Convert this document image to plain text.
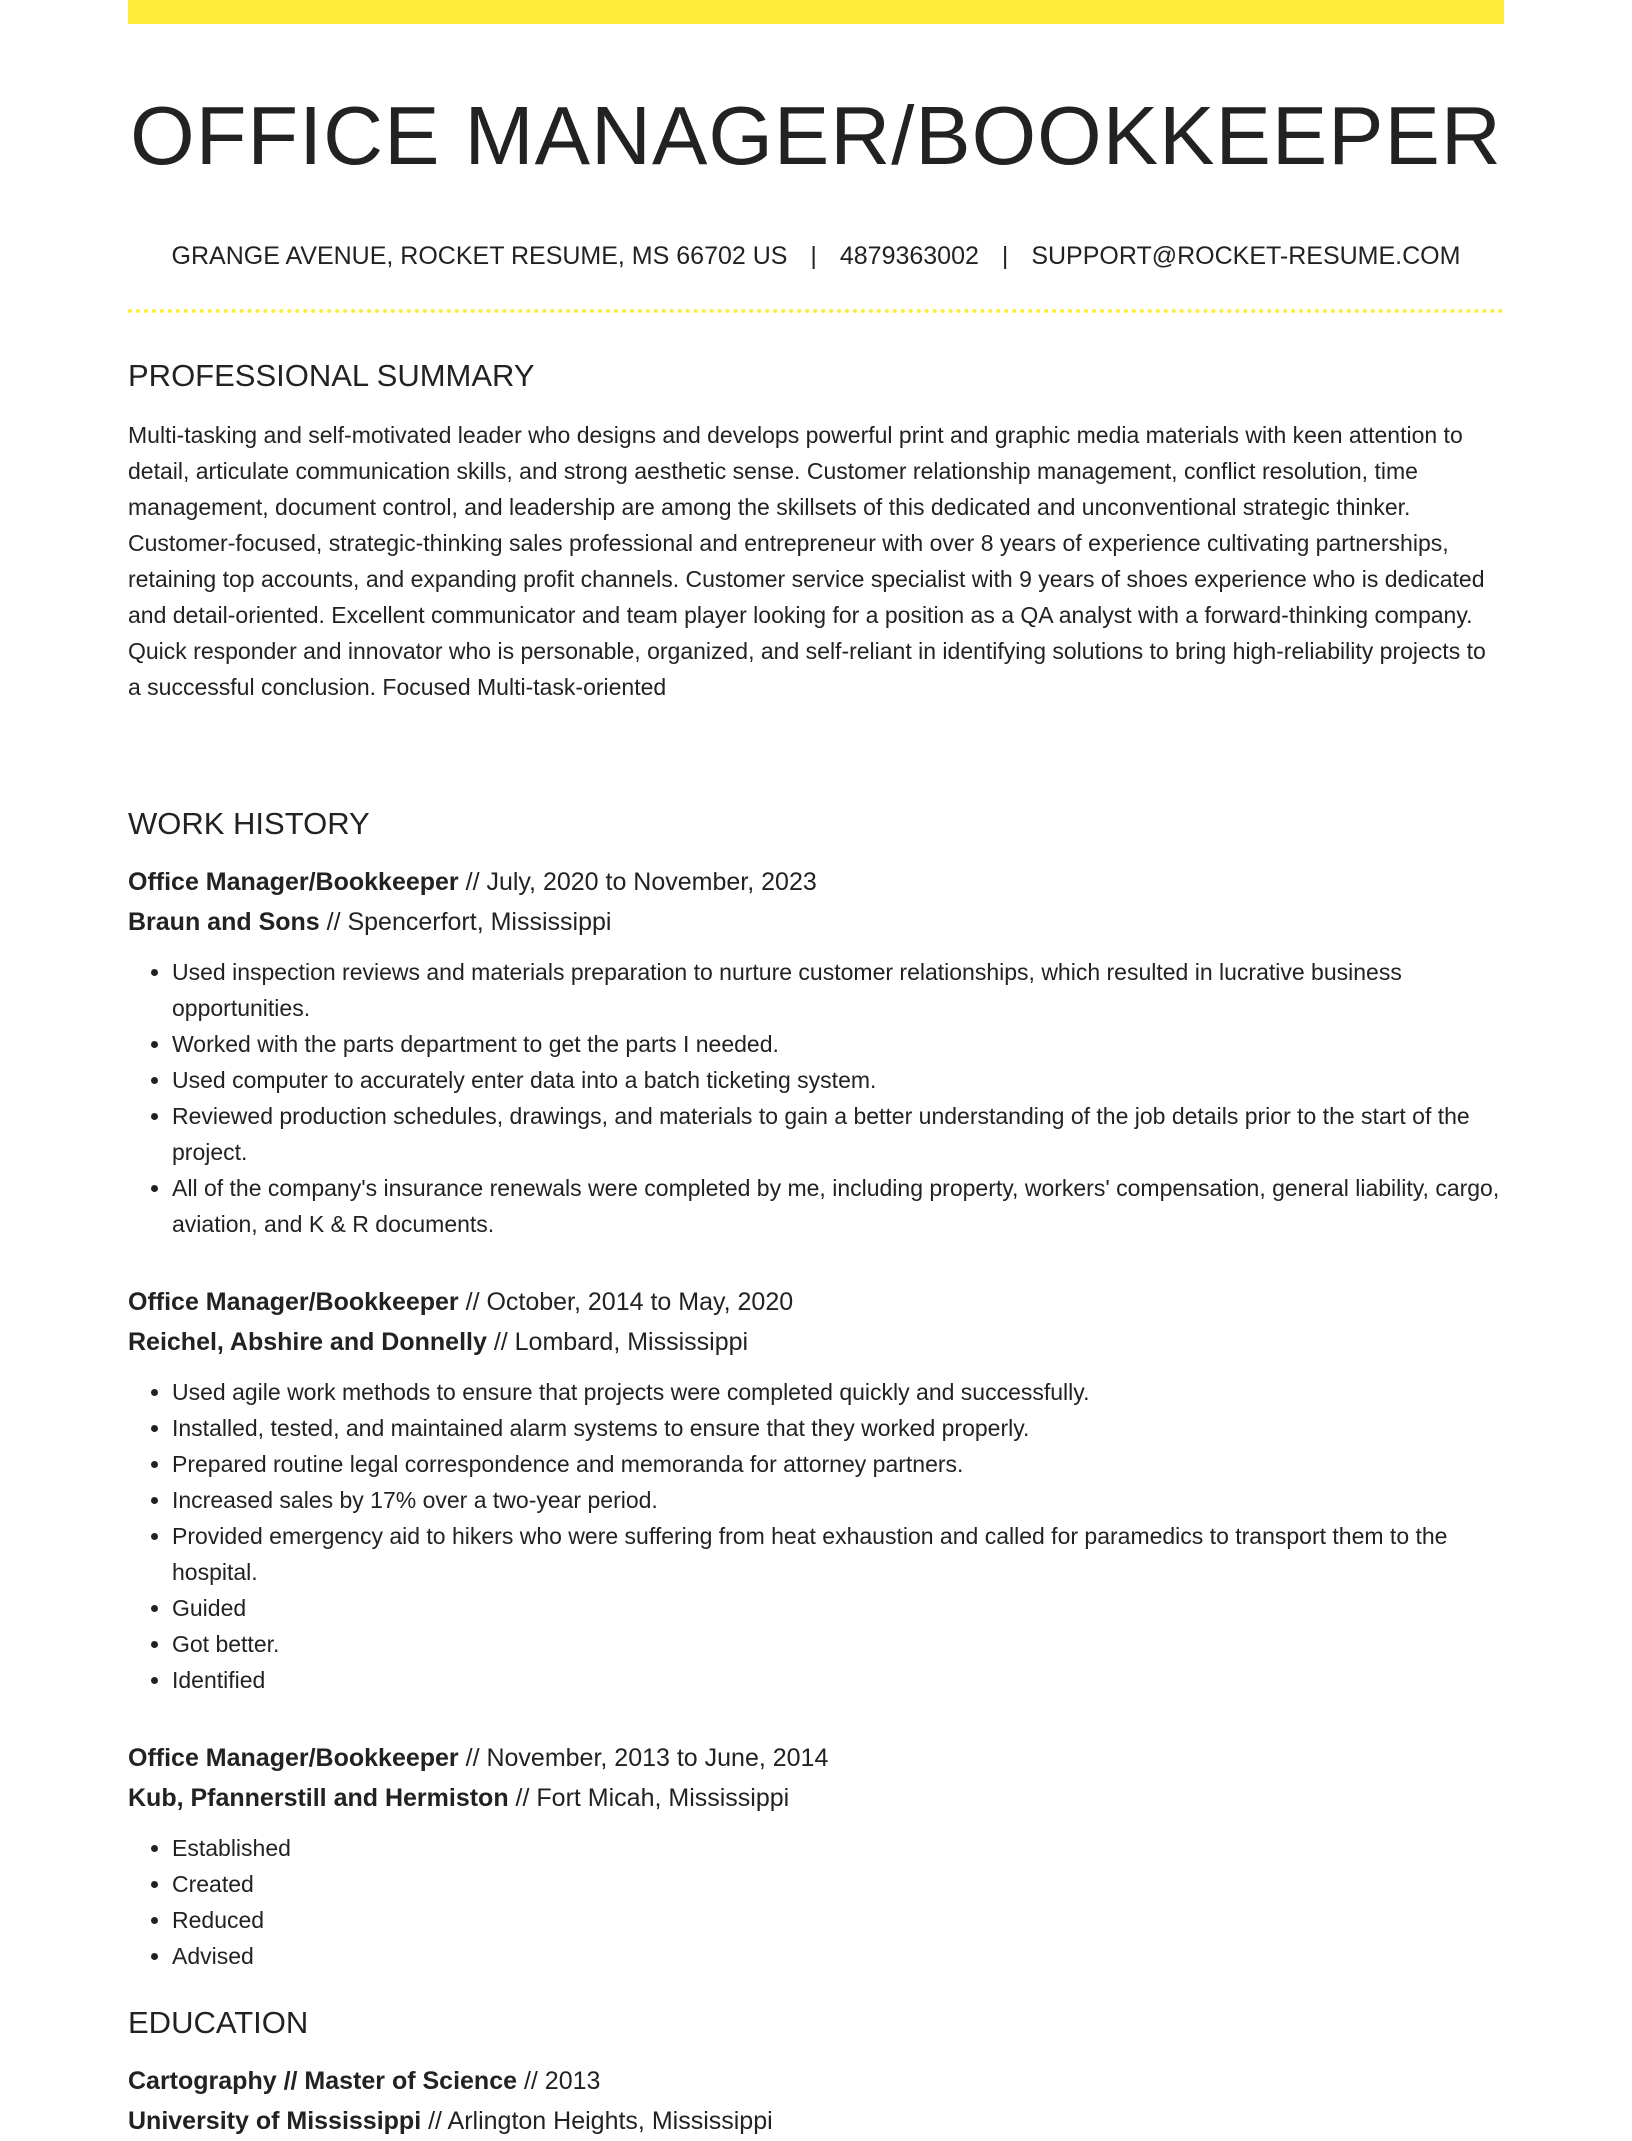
OFFICE MANAGER/BOOKKEEPER
GRANGE AVENUE, ROCKET RESUME, MS 66702 US | 4879363002 | SUPPORT@ROCKET-RESUME.COM
PROFESSIONAL SUMMARY

Multi-tasking and self-motivated leader who designs and develops powerful print and graphic media materials with keen attention to detail, articulate communication skills, and strong aesthetic sense. Customer relationship management, conflict resolution, time management, document control, and leadership are among the skillsets of this dedicated and unconventional strategic thinker. Customer-focused, strategic-thinking sales professional and entrepreneur with over 8 years of experience cultivating partnerships, retaining top accounts, and expanding profit channels. Customer service specialist with 9 years of shoes experience who is dedicated and detail-oriented. Excellent communicator and team player looking for a position as a QA analyst with a forward-thinking company. Quick responder and innovator who is personable, organized, and self-reliant in identifying solutions to bring high-reliability projects to a successful conclusion. Focused Multi-task-oriented

WORK HISTORY
Office Manager/Bookkeeper // July, 2020 to November, 2023
Braun and Sons // Spencerfort, Mississippi
• Used inspection reviews and materials preparation to nurture customer relationships, which resulted in lucrative business opportunities.
• Worked with the parts department to get the parts I needed.
• Used computer to accurately enter data into a batch ticketing system.
• Reviewed production schedules, drawings, and materials to gain a better understanding of the job details prior to the start of the project.
• All of the company's insurance renewals were completed by me, including property, workers' compensation, general liability, cargo, aviation, and K & R documents.
Office Manager/Bookkeeper // October, 2014 to May, 2020
Reichel, Abshire and Donnelly // Lombard, Mississippi
• Used agile work methods to ensure that projects were completed quickly and successfully.
• Installed, tested, and maintained alarm systems to ensure that they worked properly.
• Prepared routine legal correspondence and memoranda for attorney partners.
• Increased sales by 17% over a two-year period.
• Provided emergency aid to hikers who were suffering from heat exhaustion and called for paramedics to transport them to the hospital.
• Guided
• Got better.
• Identified
Office Manager/Bookkeeper // November, 2013 to June, 2014
Kub, Pfannerstill and Hermiston // Fort Micah, Mississippi
• Established
• Created
• Reduced
• Advised
EDUCATION
Cartography // Master of Science // 2013
University of Mississippi // Arlington Heights, Mississippi
